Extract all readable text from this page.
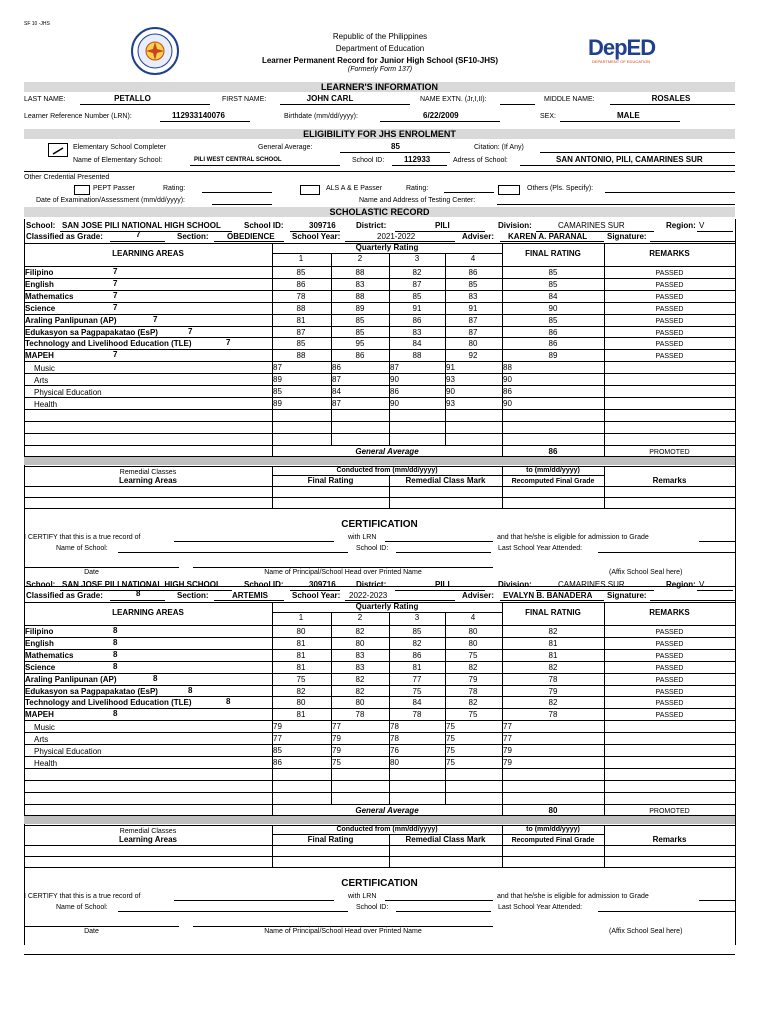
SF 10 -JHS
Republic of the Philippines
Department of Education
Learner Permanent Record for Junior High School (SF10-JHS)
(Formerly Form 137)
DepED
DEPARTMENT OF EDUCATION
LEARNER'S INFORMATION
LAST NAME:	PETALLO	FIRST NAME:	JOHN CARL	NAME EXTN. (Jr,I,II):	MIDDLE NAME:	ROSALES
Learner Reference Number (LRN):	112933140076	Birthdate (mm/dd/yyyy):	6/22/2009	SEX:	MALE
ELIGIBILITY FOR JHS ENROLMENT
Elementary School Completer	General Average:	85	Citation: (If Any)
Name of Elementary School:	PILI WEST CENTRAL SCHOOL	School ID: 112933	Adress of School:	SAN ANTONIO, PILI, CAMARINES SUR
Other Credential Presented
PEPT Passer	Rating:	ALS A & E Passer	Rating:	Others (Pls. Specify):
Date of Examination/Assessment (mm/dd/yyyy):	Name and Address of Testing Center:
SCHOLASTIC RECORD
School: SAN JOSE PILI NATIONAL HIGH SCHOOL	School ID:	309716	District:	PILI	Division:	CAMARINES SUR	Region: V
Classified as Grade:	7	Section: OBEDIENCE School Year:	2021-2022	Adviser: KAREN A. PARANAL Signature:
LEARNING AREAS
Quarterly Rating
1	2	3	4
FINAL RATING	REMARKS
Filipino	7	85	88	82	86	85	PASSED
English	7	86	83	87	85	85	PASSED
Mathematics	7	78	88	85	83	84	PASSED
Science	7	88	89	91	91	90	PASSED
Araling Panlipunan (AP)	7	81	85	86	87	85	PASSED
Edukasyon sa Pagpapakatao (EsP)	7	87	85	83	87	86	PASSED
Technology and Livelihood Education (TLE)	7	85	95	84	80	86	PASSED
MAPEH	7	88	86	88	92	89	PASSED
Music	87	86	87	91	88
Arts	89	87	90	93	90
Physical Education	85	84	86	90	86
Health	89	87	90	93	90
General Average	86	PROMOTED
Remedial Classes	Conducted from (mm/dd/yyyy)	to (mm/dd/yyyy)
Learning Areas	Final Rating	Remedial Class Mark	Recomputed Final Grade	Remarks
CERTIFICATION
I CERTIFY that this is a true record of	with LRN	and that he/she is eligible for admission to Grade
Name of School:	School ID:	Last School Year Attended:
Date	Name of Principal/School Head over Printed Name	(Affix School Seal here)
School: SAN JOSE PILI NATIONAL HIGH SCHOOL	School ID:	309716	District:	PILI	Division:	CAMARINES SUR	Region: V
Classified as Grade:	8	Section:	ARTEMIS	School Year: 2022-2023	Adviser: EVALYN B. BANADERA Signature:
LEARNING AREAS
Quarterly Rating
1	2	3	4
FINAL RATNIG	REMARKS
Filipino	8	80	82	85	80	82	PASSED
English	8	81	80	82	80	81	PASSED
Mathematics	8	81	83	86	75	81	PASSED
Science	8	81	83	81	82	82	PASSED
Araling Panlipunan (AP)	8	75	82	77	79	78	PASSED
Edukasyon sa Pagpapakatao (EsP)	8	82	82	75	78	79	PASSED
Technology and Livelihood Education (TLE)	8	80	80	84	82	82	PASSED
MAPEH	8	81	78	78	75	78	PASSED
Music	79	77	78	75	77
Arts	77	79	78	75	77
Physical Education	85	79	76	75	79
Health	86	75	80	75	79
General Average	80	PROMOTED
Remedial Classes	Conducted from (mm/dd/yyyy)	to (mm/dd/yyyy)
Learning Areas	Final Rating	Remedial Class Mark	Recomputed Final Grade	Remarks
CERTIFICATION
I CERTIFY that this is a true record of	with LRN	and that he/she is eligible for admission to Grade
Name of School:	School ID:	Last School Year Attended:
Date	Name of Principal/School Head over Printed Name	(Affix School Seal here)
